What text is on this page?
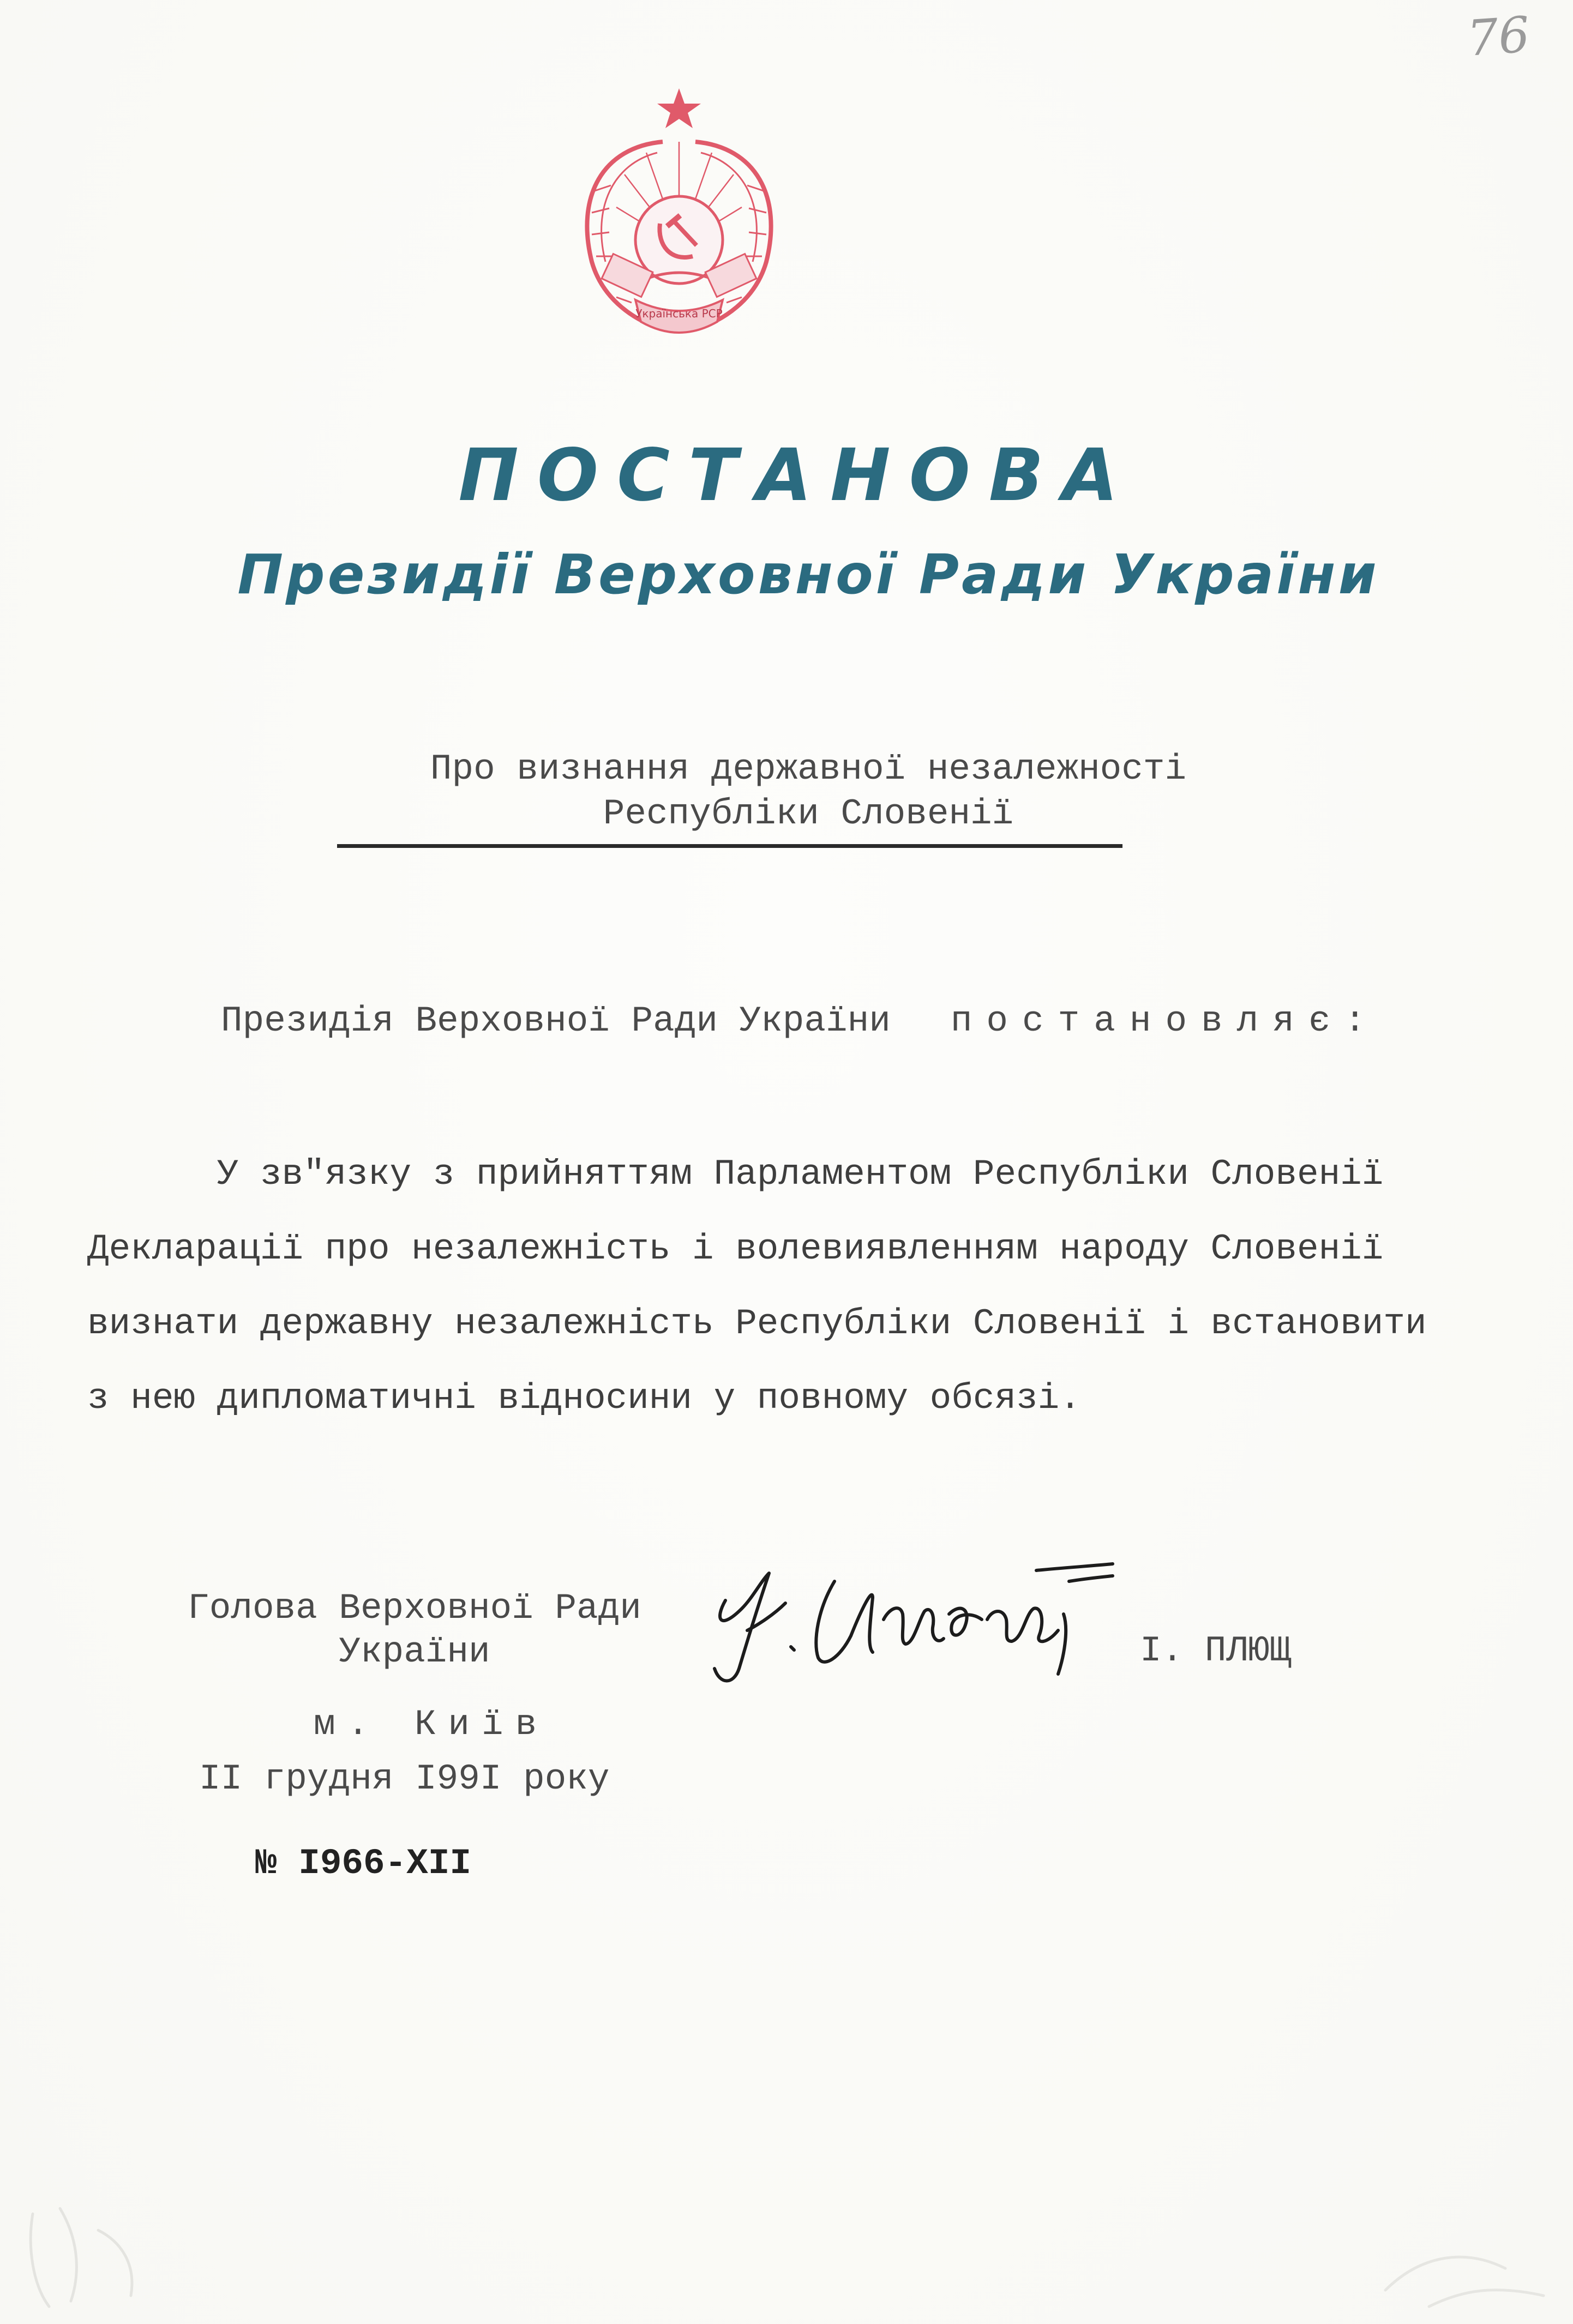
76
Українська РСР
ПОСТАНОВА
Президії Верховної Ради України
Про визнання державної незалежності
Республіки Словенії
Президія Верховної Ради України постановляє:
У зв"язку з прийняттям Парламентом Республіки Словенії
Декларації про незалежність і волевиявленням народу Словенії
визнати державну незалежність Республіки Словенії і встановити
з нею дипломатичні відносини у повному обсязі.
Голова Верховної Ради
України	І. ПЛЮЩ
м. Київ
II грудня I99I року
№ I966-XII
